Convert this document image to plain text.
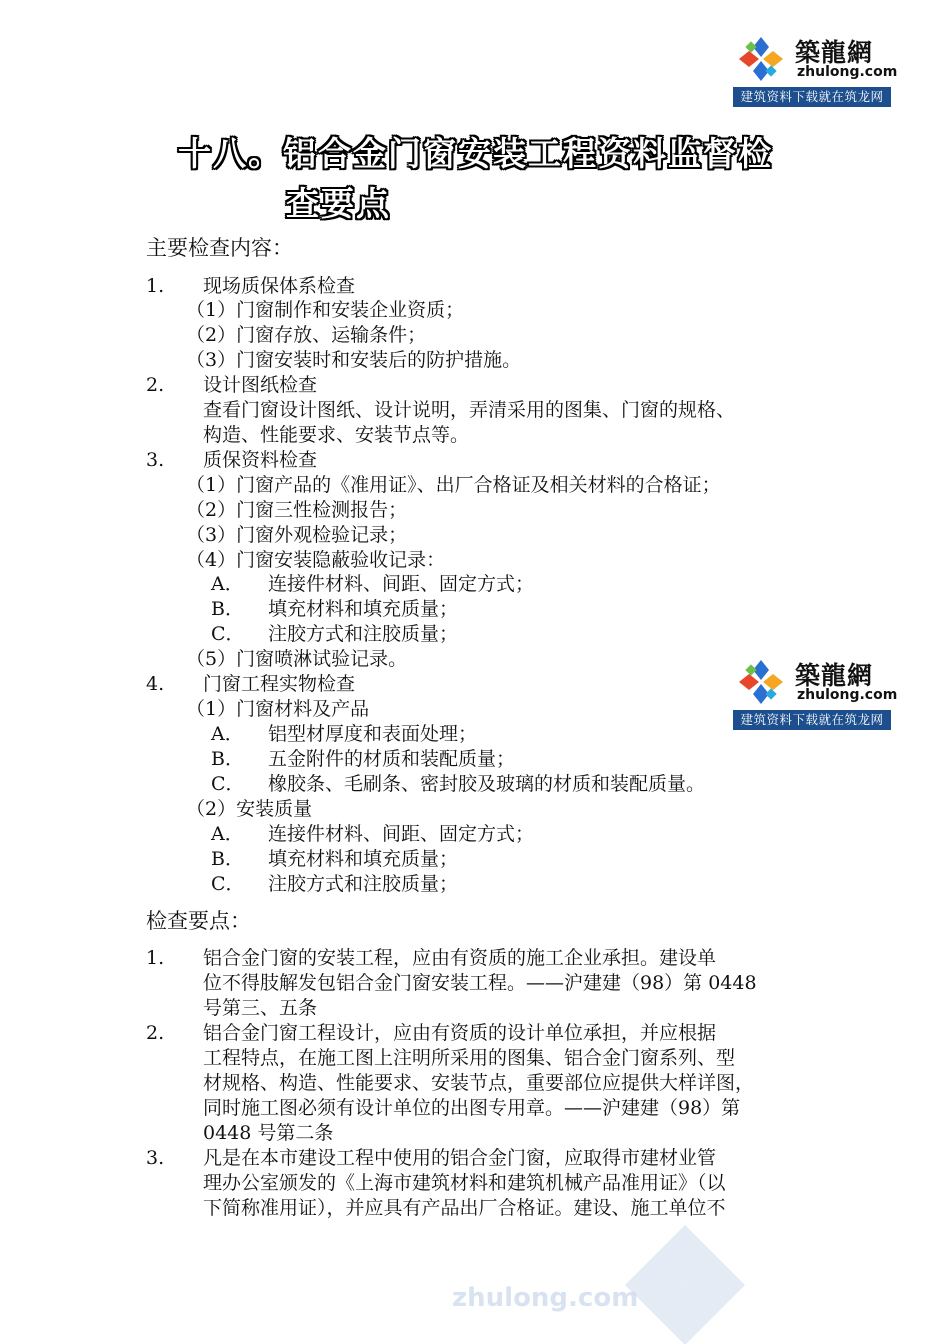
築龍網
zhulong.com
建筑资料下载就在筑龙网
十八。铝合金门窗安装工程资料监督检
查要点
主要检查内容：
1. 现场质保体系检查
（1）门窗制作和安装企业资质；
（2）门窗存放、运输条件；
（3）门窗安装时和安装后的防护措施。
2. 设计图纸检查
查看门窗设计图纸、设计说明，弄清采用的图集、门窗的规格、
构造、性能要求、安装节点等。
3. 质保资料检查
（1）门窗产品的《准用证》、出厂合格证及相关材料的合格证；
（2）门窗三性检测报告；
（3）门窗外观检验记录；
（4）门窗安装隐蔽验收记录：
A． 连接件材料、间距、固定方式；
B． 填充材料和填充质量；
C． 注胶方式和注胶质量；
（5）门窗喷淋试验记录。
4. 门窗工程实物检查
（1）门窗材料及产品
A． 铝型材厚度和表面处理；
B． 五金附件的材质和装配质量；
C． 橡胶条、毛刷条、密封胶及玻璃的材质和装配质量。
（2）安装质量
A． 连接件材料、间距、固定方式；
B． 填充材料和填充质量；
C． 注胶方式和注胶质量；
築龍網
zhulong.com
建筑资料下载就在筑龙网
检查要点：
1. 铝合金门窗的安装工程，应由有资质的施工企业承担。建设单
位不得肢解发包铝合金门窗安装工程。——沪建建（98）第 0448
号第三、五条
2. 铝合金门窗工程设计，应由有资质的设计单位承担，并应根据
工程特点，在施工图上注明所采用的图集、铝合金门窗系列、型
材规格、构造、性能要求、安装节点，重要部位应提供大样详图，
同时施工图必须有设计单位的出图专用章。——沪建建（98）第
0448 号第二条
3. 凡是在本市建设工程中使用的铝合金门窗，应取得市建材业管
理办公室颁发的《上海市建筑材料和建筑机械产品准用证》（以
下简称准用证），并应具有产品出厂合格证。建设、施工单位不
zhulong.com
